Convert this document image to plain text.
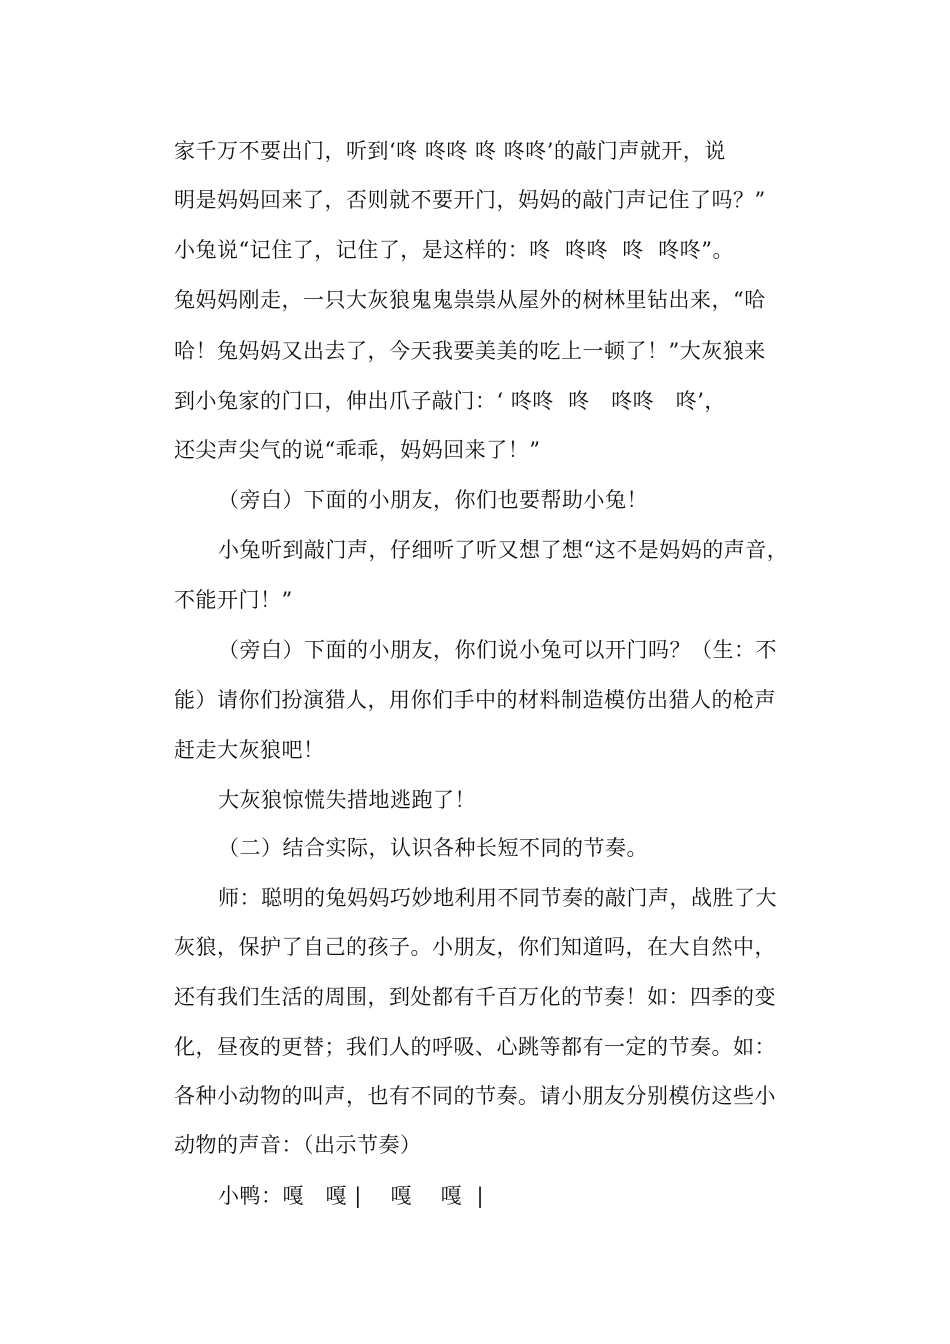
家千万不要出门，听到‘咚 咚咚 咚 咚咚’的敲门声就开，说
明是妈妈回来了，否则就不要开门，妈妈的敲门声记住了吗？”
小兔说“记住了，记住了，是这样的：咚  咚咚  咚  咚咚”。
兔妈妈刚走，一只大灰狼鬼鬼祟祟从屋外的树林里钻出来，“哈
哈！兔妈妈又出去了，今天我要美美的吃上一顿了！”大灰狼来
到小兔家的门口，伸出爪子敲门：‘ 咚咚  咚   咚咚   咚’，
还尖声尖气的说“乖乖，妈妈回来了！”
（旁白）下面的小朋友，你们也要帮助小兔！
小兔听到敲门声，仔细听了听又想了想“这不是妈妈的声音，
不能开门！”
（旁白）下面的小朋友，你们说小兔可以开门吗？（生：不
能）请你们扮演猎人，用你们手中的材料制造模仿出猎人的枪声
赶走大灰狼吧！
大灰狼惊慌失措地逃跑了！
（二）结合实际，认识各种长短不同的节奏。
师：聪明的兔妈妈巧妙地利用不同节奏的敲门声，战胜了大
灰狼，保护了自己的孩子。小朋友，你们知道吗，在大自然中，
还有我们生活的周围，到处都有千百万化的节奏！如：四季的变
化，昼夜的更替；我们人的呼吸、心跳等都有一定的节奏。如：
各种小动物的叫声，也有不同的节奏。请小朋友分别模仿这些小
动物的声音：（出示节奏）
小鸭：嘎   嘎 |    嘎    嘎  |
